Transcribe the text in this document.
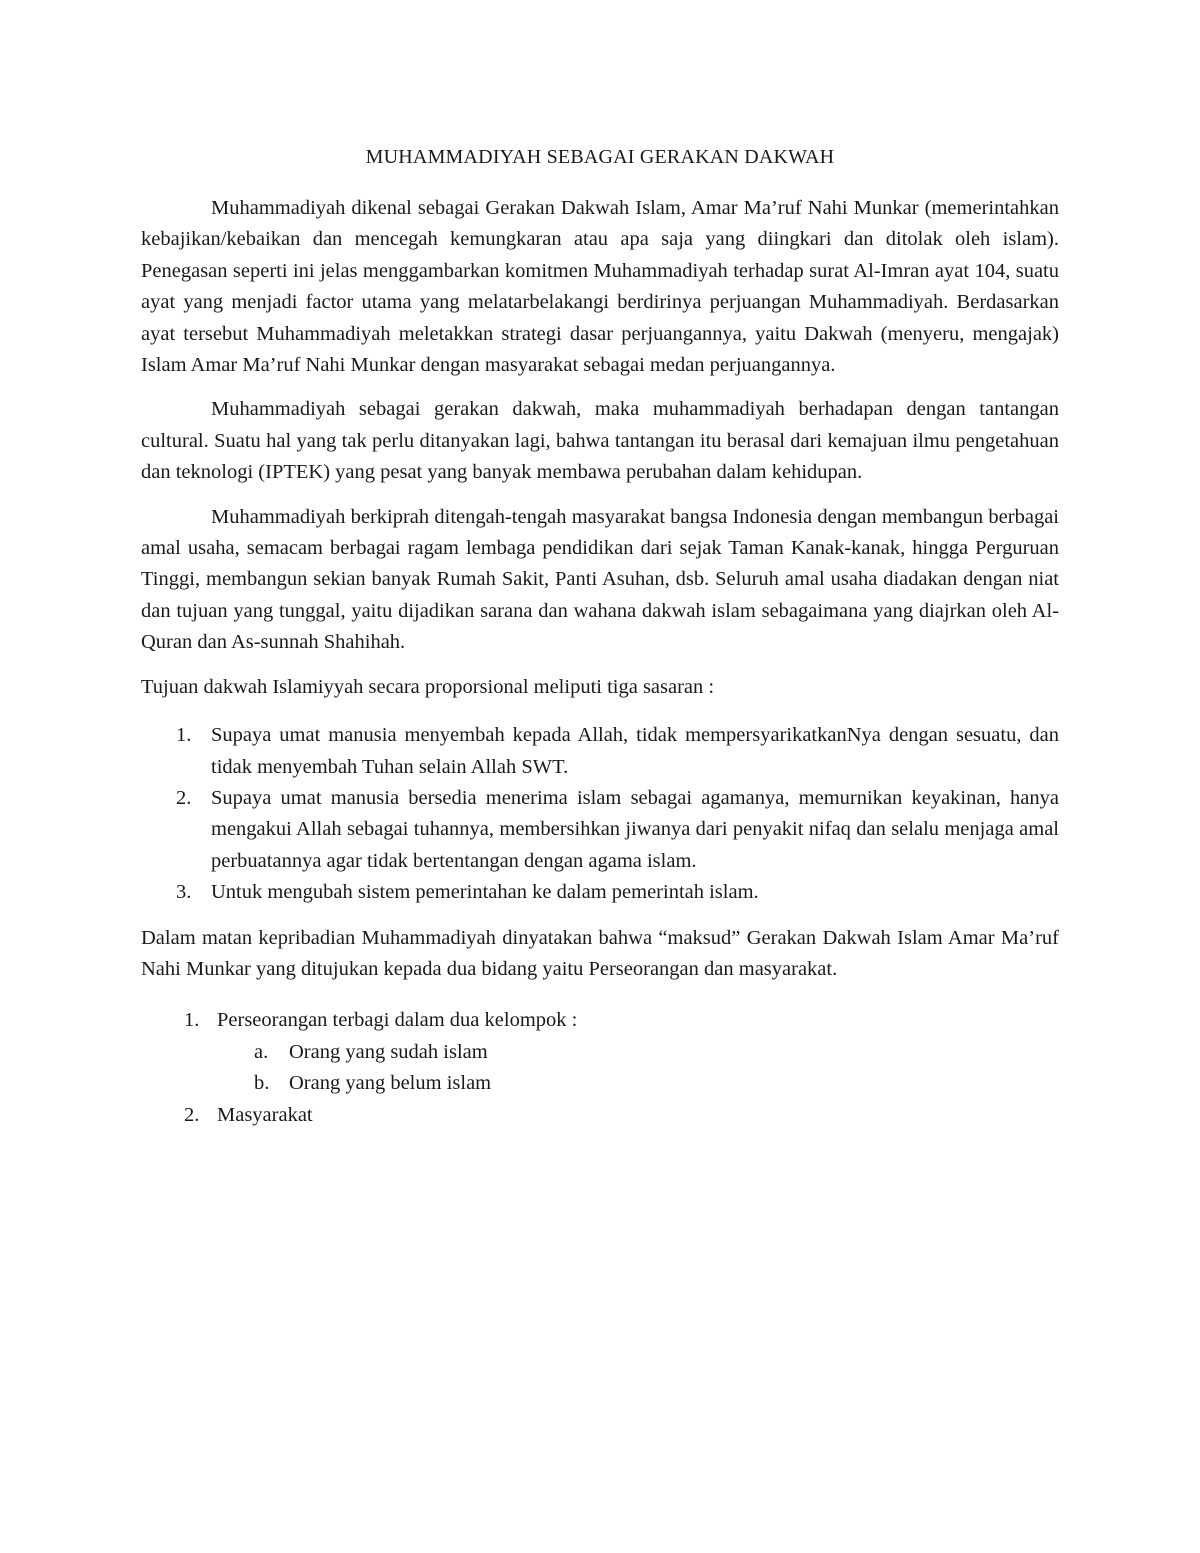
MUHAMMADIYAH SEBAGAI GERAKAN DAKWAH

Muhammadiyah dikenal sebagai Gerakan Dakwah Islam, Amar Ma’ruf Nahi Munkar (memerintahkan kebajikan/kebaikan dan mencegah kemungkaran atau apa saja yang diingkari dan ditolak oleh islam). Penegasan seperti ini jelas menggambarkan komitmen Muhammadiyah terhadap surat Al-Imran ayat 104, suatu ayat yang menjadi factor utama yang melatarbelakangi berdirinya perjuangan Muhammadiyah. Berdasarkan ayat tersebut Muhammadiyah meletakkan strategi dasar perjuangannya, yaitu Dakwah (menyeru, mengajak) Islam Amar Ma’ruf Nahi Munkar dengan masyarakat sebagai medan perjuangannya.

Muhammadiyah sebagai gerakan dakwah, maka muhammadiyah berhadapan dengan tantangan cultural. Suatu hal yang tak perlu ditanyakan lagi, bahwa tantangan itu berasal dari kemajuan ilmu pengetahuan dan teknologi (IPTEK) yang pesat yang banyak membawa perubahan dalam kehidupan.

Muhammadiyah berkiprah ditengah-tengah masyarakat bangsa Indonesia dengan membangun berbagai amal usaha, semacam berbagai ragam lembaga pendidikan dari sejak Taman Kanak-kanak, hingga Perguruan Tinggi, membangun sekian banyak Rumah Sakit, Panti Asuhan, dsb. Seluruh amal usaha diadakan dengan niat dan tujuan yang tunggal, yaitu dijadikan sarana dan wahana dakwah islam sebagaimana yang diajrkan oleh Al-Quran dan As-sunnah Shahihah.

Tujuan dakwah Islamiyyah secara proporsional meliputi tiga sasaran :

1. Supaya umat manusia menyembah kepada Allah, tidak mempersyarikatkanNya dengan sesuatu, dan tidak menyembah Tuhan selain Allah SWT.
2. Supaya umat manusia bersedia menerima islam sebagai agamanya, memurnikan keyakinan, hanya mengakui Allah sebagai tuhannya, membersihkan jiwanya dari penyakit nifaq dan selalu menjaga amal perbuatannya agar tidak bertentangan dengan agama islam.
3. Untuk mengubah sistem pemerintahan ke dalam pemerintah islam.

Dalam matan kepribadian Muhammadiyah dinyatakan bahwa “maksud” Gerakan Dakwah Islam Amar Ma’ruf Nahi Munkar yang ditujukan kepada dua bidang yaitu Perseorangan dan masyarakat.

1. Perseorangan terbagi dalam dua kelompok :
a. Orang yang sudah islam
b. Orang yang belum islam
2. Masyarakat
